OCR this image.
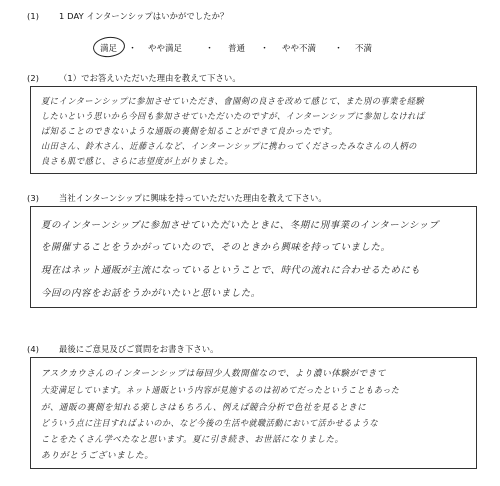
(1) 1 DAY インターンシップはいかがでしたか？
満足 ・ やや満足	・ 普通 ・ やや不満 ・ 不満
(2) （1）でお答えいただいた理由を教えて下さい。
夏にインターンシップに参加させていただき、會園剣の良さを改めて感じて、また別の事業を経験
したいという思いから今回も参加させていただいたのですが、インターンシップに参加しなければ
ば知ることのできないような通販の裏側を知ることができて良かったです。
山田さん、鈴木さん、近藤さんなど、インターンシップに携わってくださったみなさんの人柄の
良さも肌で感じ、さらに志望度が上がりました。
(3) 当社インターンシップに興味を持っていただいた理由を教えて下さい。
夏のインターンシップに参加させていただいたときに、冬期に別事業のインターンシップ
を開催することをうかがっていたので、そのときから興味を持っていました。
現在はネット通販が主流になっているということで、時代の流れに合わせるためにも
今回の内容をお話をうかがいたいと思いました。
(4) 最後にご意見及びご質問をお書き下さい。
アスクカウさんのインターンシップは毎回少人数開催なので、より濃い体験ができて
大変満足しています。ネット通販という内容が見施するのは初めてだったということもあった
が、通販の裏側を知れる楽しさはもちろん、例えば競合分析で色社を見るときに
どういう点に注目すればよいのか、など今後の生活や就職活動において活かせるような
ことをたくさん学べたなと思います。夏に引き続き、お世話になりました。
ありがとうございました。
